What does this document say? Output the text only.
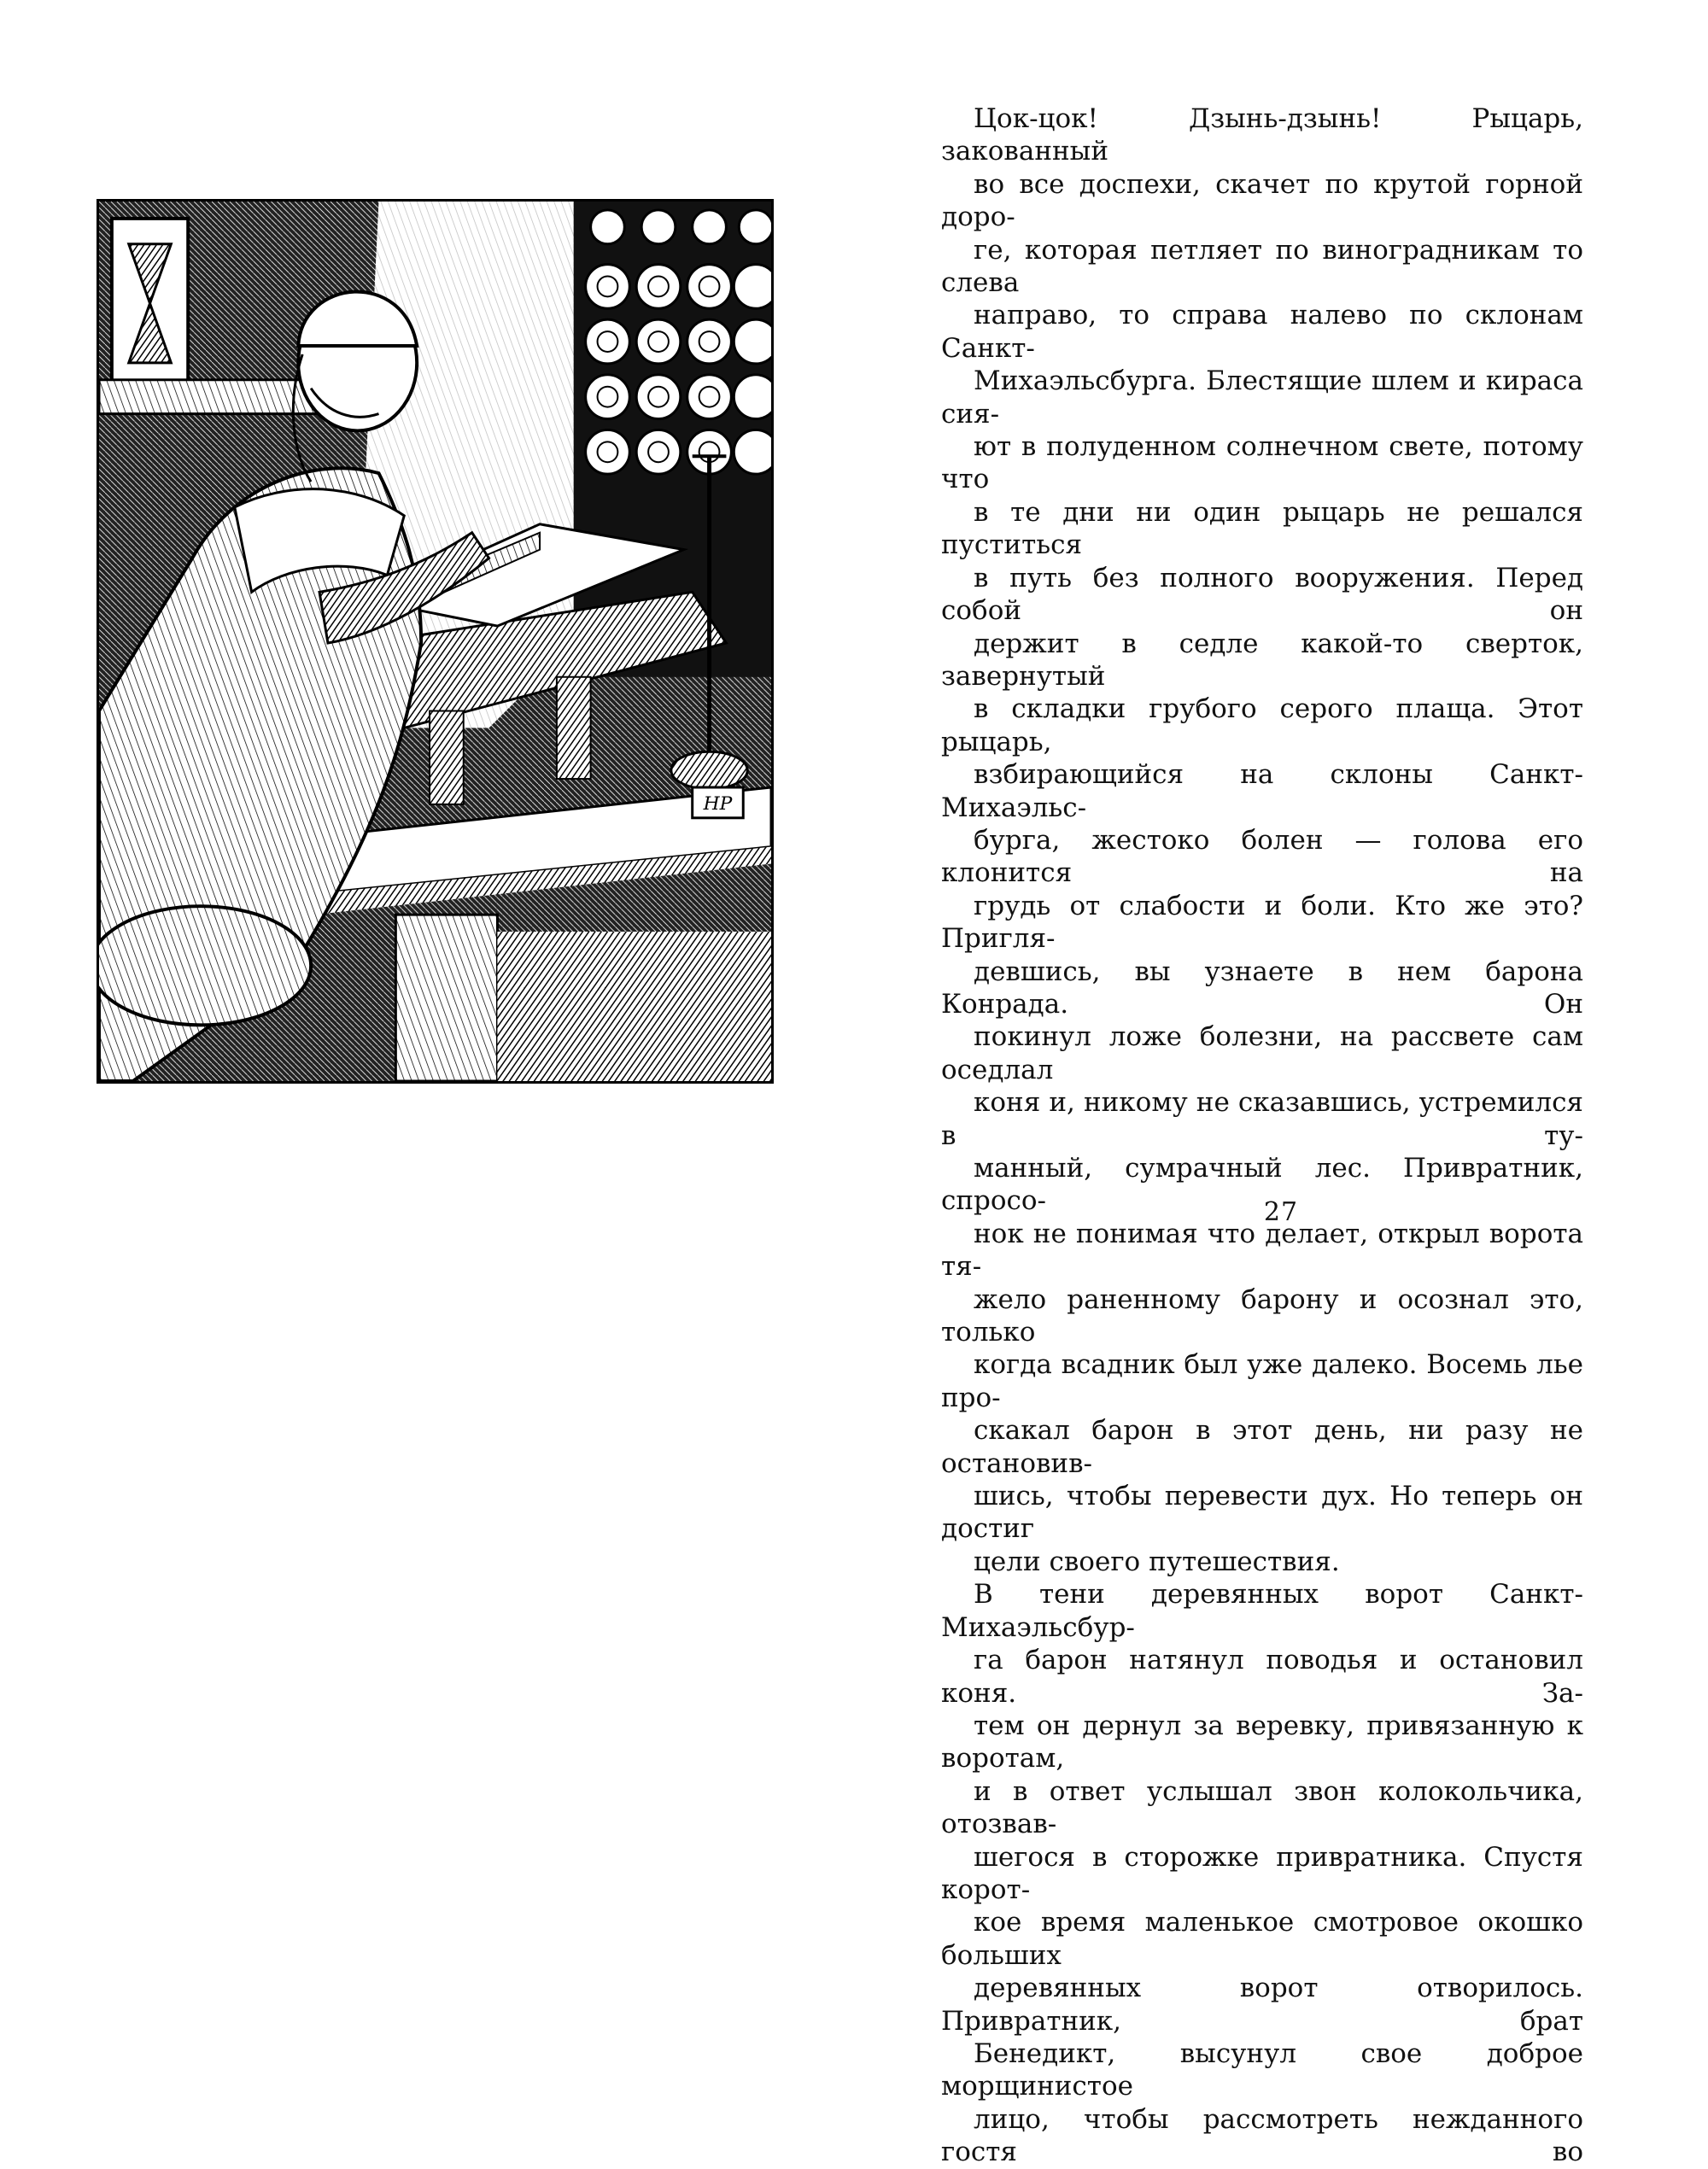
HP
Цок-цок! Дзынь-дзынь! Рыцарь, закованный
во все доспехи, скачет по крутой горной доро-
ге, которая петляет по виноградникам то слева
направо, то справа налево по склонам Санкт-
Михаэльсбурга. Блестящие шлем и кираса сия-
ют в полуденном солнечном свете, потому что
в те дни ни один рыцарь не решался пуститься
в путь без полного вооружения. Перед собой он
держит в седле какой-то сверток, завернутый
в складки грубого серого плаща. Этот рыцарь,
взбирающийся на склоны Санкт-Михаэльс-
бурга, жестоко болен — голова его клонится на
грудь от слабости и боли. Кто же это? Пригля-
девшись, вы узнаете в нем барона Конрада. Он
покинул ложе болезни, на рассвете сам оседлал
коня и, никому не сказавшись, устремился в ту-
манный, сумрачный лес. Привратник, спросо-
нок не понимая что делает, открыл ворота тя-
жело раненному барону и осознал это, только
когда всадник был уже далеко. Восемь лье про-
скакал барон в этот день, ни разу не остановив-
шись, чтобы перевести дух. Но теперь он достиг
цели своего путешествия.
В тени деревянных ворот Санкт-Михаэльсбур-
га барон натянул поводья и остановил коня. За-
тем он дернул за веревку, привязанную к воротам,
и в ответ услышал звон колокольчика, отозвав-
шегося в сторожке привратника. Спустя корот-
кое время маленькое смотровое окошко больших
деревянных ворот отворилось. Привратник, брат
Бенедикт, высунул свое доброе морщинистое
лицо, чтобы рассмотреть нежданного гостя во
27
